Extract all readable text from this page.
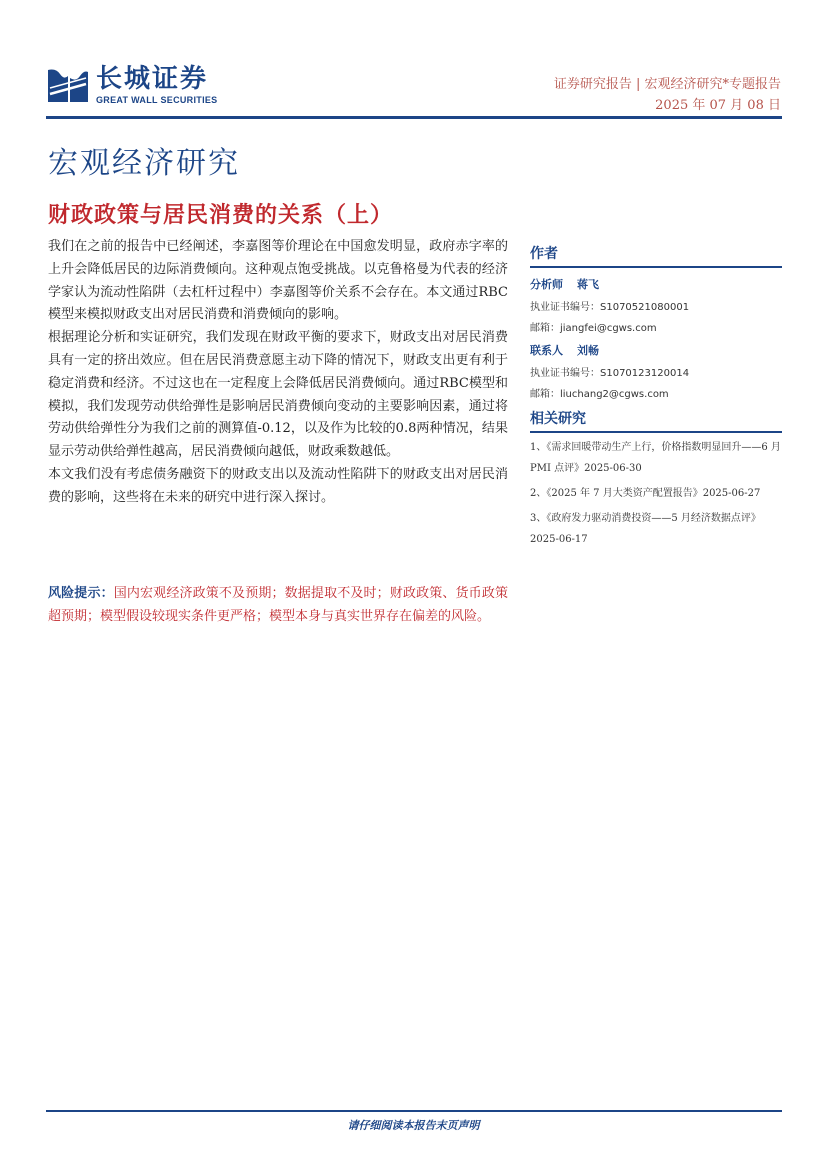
长城证券
GREAT WALL SECURITIES
证券研究报告 | 宏观经济研究*专题报告
2025 年 07 月 08 日
宏观经济研究
财政政策与居民消费的关系（上）

我们在之前的报告中已经阐述，李嘉图等价理论在中国愈发明显，政府赤字率的上升会降低居民的边际消费倾向。这种观点饱受挑战。以克鲁格曼为代表的经济学家认为流动性陷阱（去杠杆过程中）李嘉图等价关系不会存在。本文通过RBC模型来模拟财政支出对居民消费和消费倾向的影响。

根据理论分析和实证研究，我们发现在财政平衡的要求下，财政支出对居民消费具有一定的挤出效应。但在居民消费意愿主动下降的情况下，财政支出更有利于稳定消费和经济。不过这也在一定程度上会降低居民消费倾向。通过RBC模型和模拟，我们发现劳动供给弹性是影响居民消费倾向变动的主要影响因素，通过将劳动供给弹性分为我们之前的测算值-0.12，以及作为比较的0.8两种情况，结果显示劳动供给弹性越高，居民消费倾向越低，财政乘数越低。

本文我们没有考虑债务融资下的财政支出以及流动性陷阱下的财政支出对居民消费的影响，这些将在未来的研究中进行深入探讨。

风险提示：国内宏观经济政策不及预期；数据提取不及时；财政政策、货币政策超预期；模型假设较现实条件更严格；模型本身与真实世界存在偏差的风险。
作者
分析师 蒋飞
执业证书编号：S1070521080001
邮箱：jiangfei@cgws.com
联系人 刘畅
执业证书编号：S1070123120014
邮箱：liuchang2@cgws.com
相关研究
1、《需求回暖带动生产上行，价格指数明显回升——6 月 PMI 点评》2025-06-30
2、《2025 年 7 月大类资产配置报告》2025-06-27
3、《政府发力驱动消费投资——5 月经济数据点评》2025-06-17
请仔细阅读本报告末页声明
